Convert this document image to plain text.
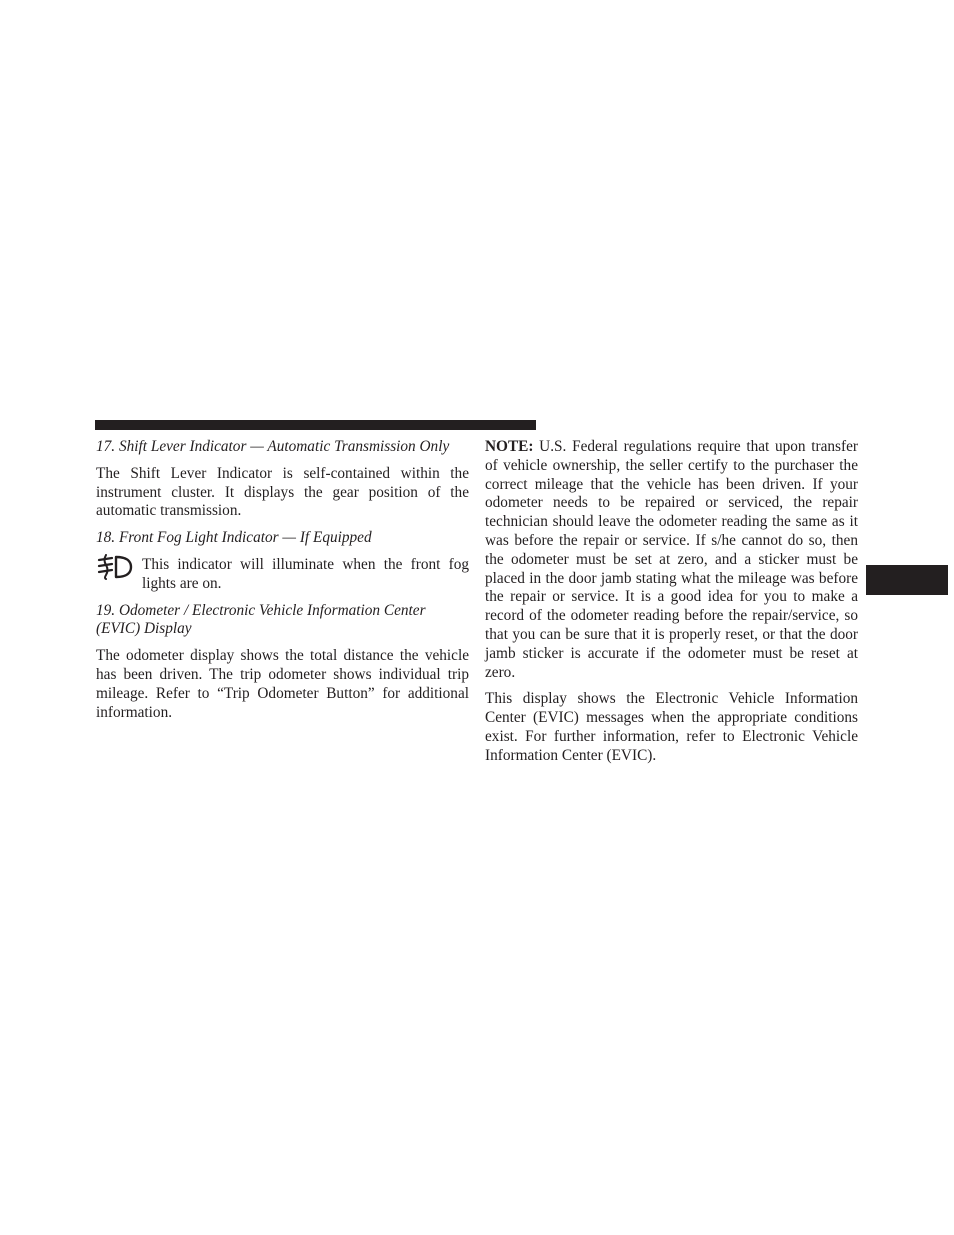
17. Shift Lever Indicator — Automatic Transmission Only

The Shift Lever Indicator is self-contained within the instrument cluster. It displays the gear position of the automatic transmission.

18. Front Fog Light Indicator — If Equipped

This indicator will illuminate when the front fog lights are on.

19. Odometer / Electronic Vehicle Information Center (EVIC) Display

The odometer display shows the total distance the vehicle has been driven. The trip odometer shows individual trip mileage. Refer to “Trip Odometer Button” for additional information.

NOTE: U.S. Federal regulations require that upon transfer of vehicle ownership, the seller certify to the purchaser the correct mileage that the vehicle has been driven. If your odometer needs to be repaired or serviced, the repair technician should leave the odometer reading the same as it was before the repair or service. If s/he cannot do so, then the odometer must be set at zero, and a sticker must be placed in the door jamb stating what the mileage was before the repair or service. It is a good idea for you to make a record of the odometer reading before the repair/service, so that you can be sure that it is properly reset, or that the door jamb sticker is accurate if the odometer must be reset at zero.

This display shows the Electronic Vehicle Information Center (EVIC) messages when the appropriate conditions exist. For further information, refer to Electronic Vehicle Information Center (EVIC).
